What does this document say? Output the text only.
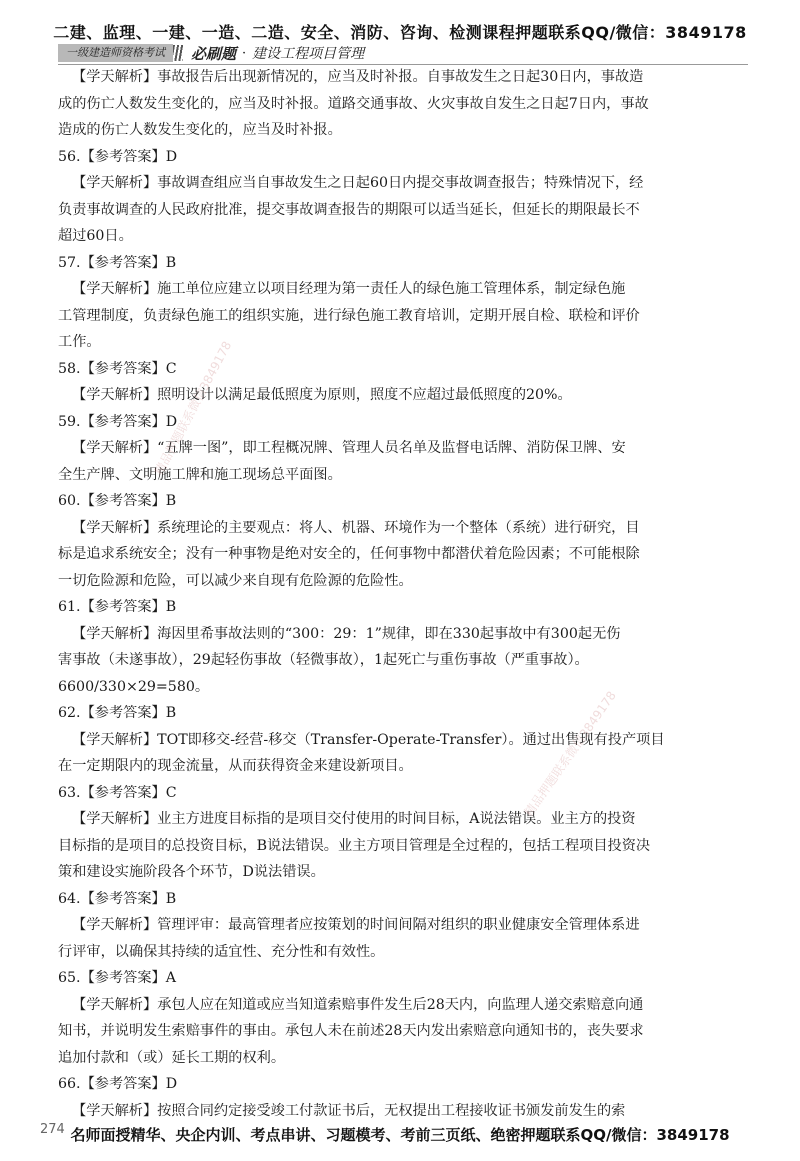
二建、监理、一建、一造、二造、安全、消防、咨询、检测课程押题联系QQ/微信：3849178
一级建造师资格考试	必刷题 · 建设工程项目管理

【学天解析】事故报告后出现新情况的，应当及时补报。自事故发生之日起30日内，事故造

成的伤亡人数发生变化的，应当及时补报。道路交通事故、火灾事故自发生之日起7日内，事故

造成的伤亡人数发生变化的，应当及时补报。

56.【参考答案】D

【学天解析】事故调查组应当自事故发生之日起60日内提交事故调查报告；特殊情况下，经

负责事故调查的人民政府批准，提交事故调查报告的期限可以适当延长，但延长的期限最长不

超过60日。

57.【参考答案】B

【学天解析】施工单位应建立以项目经理为第一责任人的绿色施工管理体系，制定绿色施

工管理制度，负责绿色施工的组织实施，进行绿色施工教育培训，定期开展自检、联检和评价

工作。

58.【参考答案】C

【学天解析】照明设计以满足最低照度为原则，照度不应超过最低照度的20%。

59.【参考答案】D

【学天解析】“五牌一图”，即工程概况牌、管理人员名单及监督电话牌、消防保卫牌、安

全生产牌、文明施工牌和施工现场总平面图。

60.【参考答案】B

【学天解析】系统理论的主要观点：将人、机器、环境作为一个整体（系统）进行研究，目

标是追求系统安全；没有一种事物是绝对安全的，任何事物中都潜伏着危险因素；不可能根除

一切危险源和危险，可以减少来自现有危险源的危险性。

61.【参考答案】B

【学天解析】海因里希事故法则的“300：29：1”规律，即在330起事故中有300起无伤

害事故（未遂事故），29起轻伤事故（轻微事故），1起死亡与重伤事故（严重事故）。

6600/330×29=580。

62.【参考答案】B

【学天解析】TOT即移交-经营-移交（Transfer-Operate-Transfer）。通过出售现有投产项目

在一定期限内的现金流量，从而获得资金来建设新项目。

63.【参考答案】C

【学天解析】业主方进度目标指的是项目交付使用的时间目标，A说法错误。业主方的投资

目标指的是项目的总投资目标，B说法错误。业主方项目管理是全过程的，包括工程项目投资决

策和建设实施阶段各个环节，D说法错误。

64.【参考答案】B

【学天解析】管理评审：最高管理者应按策划的时间间隔对组织的职业健康安全管理体系进

行评审，以确保其持续的适宜性、充分性和有效性。

65.【参考答案】A

【学天解析】承包人应在知道或应当知道索赔事件发生后28天内，向监理人递交索赔意向通

知书，并说明发生索赔事件的事由。承包人未在前述28天内发出索赔意向通知书的，丧失要求

追加付款和（或）延长工期的权利。

66.【参考答案】D

【学天解析】按照合同约定接受竣工付款证书后，无权提出工程接收证书颁发前发生的索

精品押题联系微信3849178
精品押题联系微信3849178
274 名师面授精华、央企内训、考点串讲、习题模考、考前三页纸、绝密押题联系QQ/微信：3849178
